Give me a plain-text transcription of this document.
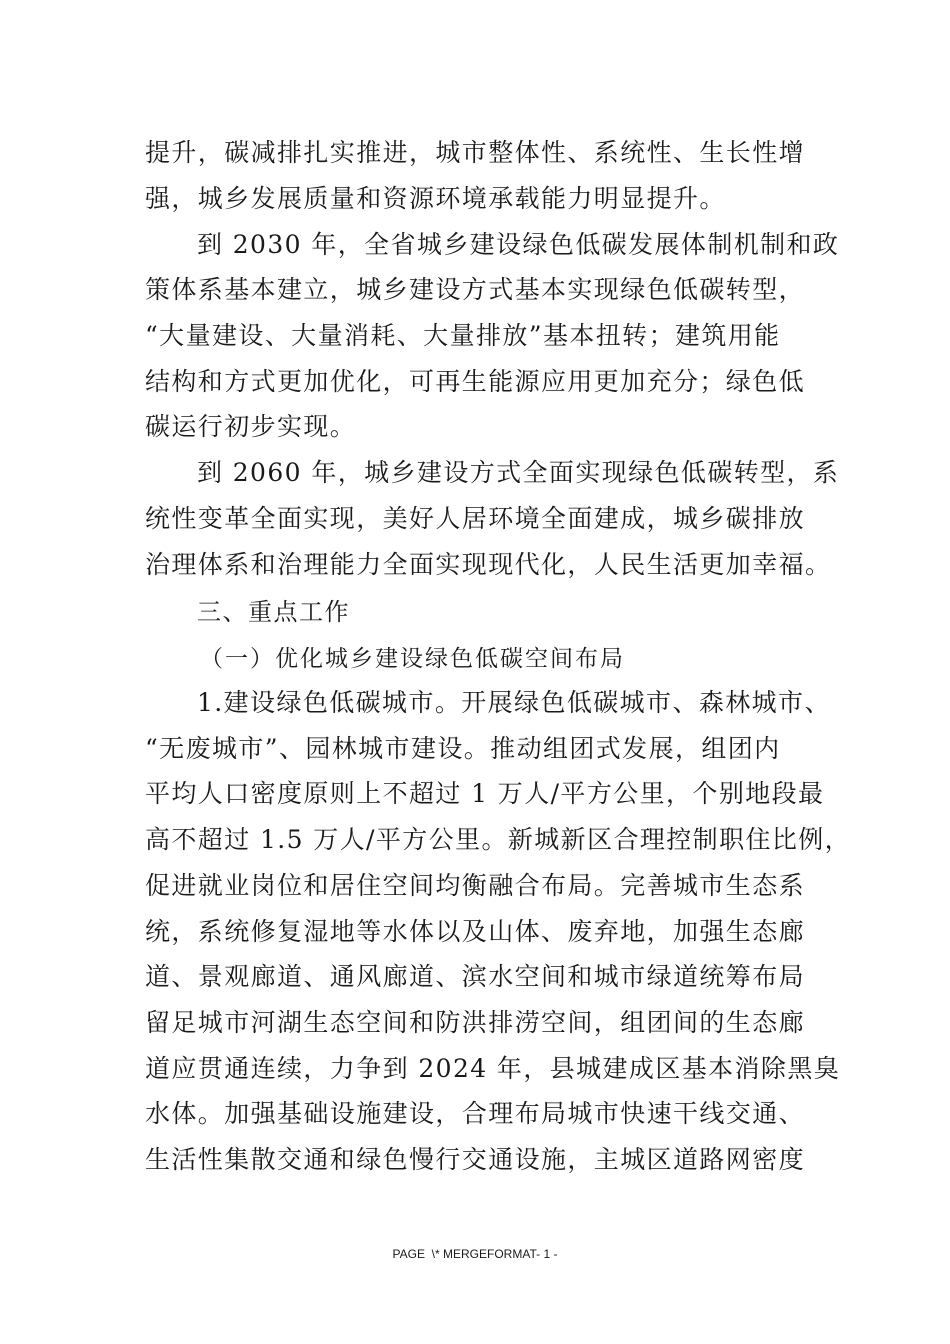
提升，碳减排扎实推进，城市整体性、系统性、生长性增
强，城乡发展质量和资源环境承载能力明显提升。
到 2030 年，全省城乡建设绿色低碳发展体制机制和政
策体系基本建立，城乡建设方式基本实现绿色低碳转型，
“大量建设、大量消耗、大量排放”基本扭转；建筑用能
结构和方式更加优化，可再生能源应用更加充分；绿色低
碳运行初步实现。
到 2060 年，城乡建设方式全面实现绿色低碳转型，系
统性变革全面实现，美好人居环境全面建成，城乡碳排放
治理体系和治理能力全面实现现代化，人民生活更加幸福。
三、重点工作
（一）优化城乡建设绿色低碳空间布局
1.建设绿色低碳城市。开展绿色低碳城市、森林城市、
“无废城市”、园林城市建设。推动组团式发展，组团内
平均人口密度原则上不超过 1 万人/平方公里，个别地段最
高不超过 1.5 万人/平方公里。新城新区合理控制职住比例，
促进就业岗位和居住空间均衡融合布局。完善城市生态系
统，系统修复湿地等水体以及山体、废弃地，加强生态廊
道、景观廊道、通风廊道、滨水空间和城市绿道统筹布局
留足城市河湖生态空间和防洪排涝空间，组团间的生态廊
道应贯通连续，力争到 2024 年，县城建成区基本消除黑臭
水体。加强基础设施建设，合理布局城市快速干线交通、
生活性集散交通和绿色慢行交通设施，主城区道路网密度
PAGE  \* MERGEFORMAT- 1 -
